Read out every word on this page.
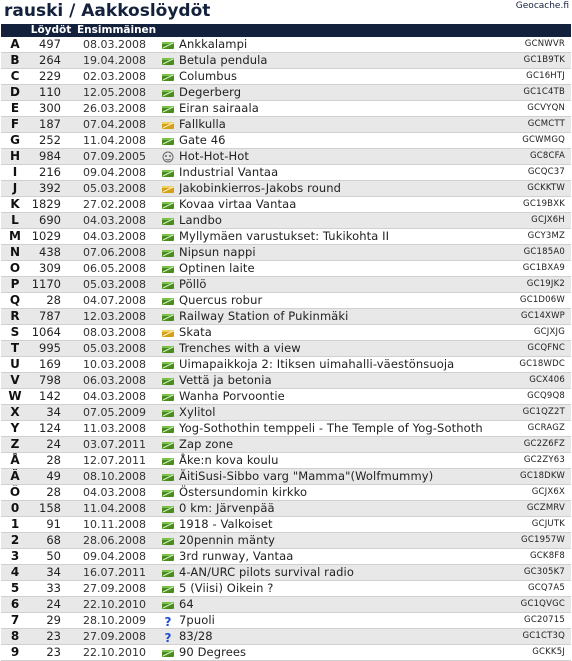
rauski / Aakkoslöydöt	Geocache.fi
	Löydöt	Ensimmäinen			
A	497	08.03.2008		Ankkalampi	GCNWVR
B	264	19.04.2008		Betula pendula	GC1B9TK
C	229	02.03.2008		Columbus	GC16HTJ
D	110	12.05.2008		Degerberg	GC1C4TB
E	300	26.03.2008		Eiran sairaala	GCVYQN
F	187	07.04.2008		Fallkulla	GCMCTT
G	252	11.04.2008		Gate 46	GCWMGQ
H	984	07.09.2005		Hot-Hot-Hot	GC8CFA
I	216	09.04.2008		Industrial Vantaa	GCQC37
J	392	05.03.2008		Jakobinkierros-Jakobs round	GCKKTW
K	1829	27.02.2008		Kovaa virtaa Vantaa	GC19BXK
L	690	04.03.2008		Landbo	GCJX6H
M	1029	04.03.2008		Myllymäen varustukset: Tukikohta II	GCY3MZ
N	438	07.06.2008		Nipsun nappi	GC185A0
O	309	06.05.2008		Optinen laite	GC1BXA9
P	1170	05.03.2008		Pöllö	GC19JK2
Q	28	04.07.2008		Quercus robur	GC1D06W
R	787	12.03.2008		Railway Station of Pukinmäki	GC14XWP
S	1064	08.03.2008		Skata	GCJXJG
T	995	05.03.2008		Trenches with a view	GCQFNC
U	169	10.03.2008		Uimapaikkoja 2: Itiksen uimahalli-väestönsuoja	GC18WDC
V	798	06.03.2008		Vettä ja betonia	GCX406
W	142	04.03.2008		Wanha Porvoontie	GCQ9Q8
X	34	07.05.2009		Xylitol	GC1QZ2T
Y	124	11.03.2008		Yog-Sothothin temppeli - The Temple of Yog-Sothoth	GCRAGZ
Z	24	03.07.2011		Zap zone	GC2Z6FZ
Å	28	12.07.2011		Åke:n kova koulu	GC2ZY63
Ä	49	08.10.2008		ÄitiSusi-Sibbo varg "Mamma"(Wolfmummy)	GC18DKW
Ö	28	04.03.2008		Östersundomin kirkko	GCJX6X
0	158	11.04.2008		0 km: Järvenpää	GCZMRV
1	91	10.11.2008		1918 - Valkoiset	GCJUTK
2	68	28.06.2008		20pennin mänty	GC1957W
3	50	09.04.2008		3rd runway, Vantaa	GCK8F8
4	34	16.07.2011		4-AN/URC pilots survival radio	GC305K7
5	33	27.09.2008		5 (Viisi) Oikein ?	GCQ7A5
6	24	22.10.2010		64	GC1QVGC
7	29	28.10.2009	?	7puoli	GC20715
8	23	27.09.2008	?	83/28	GC1CT3Q
9	23	22.10.2010		90 Degrees	GCKK5J
